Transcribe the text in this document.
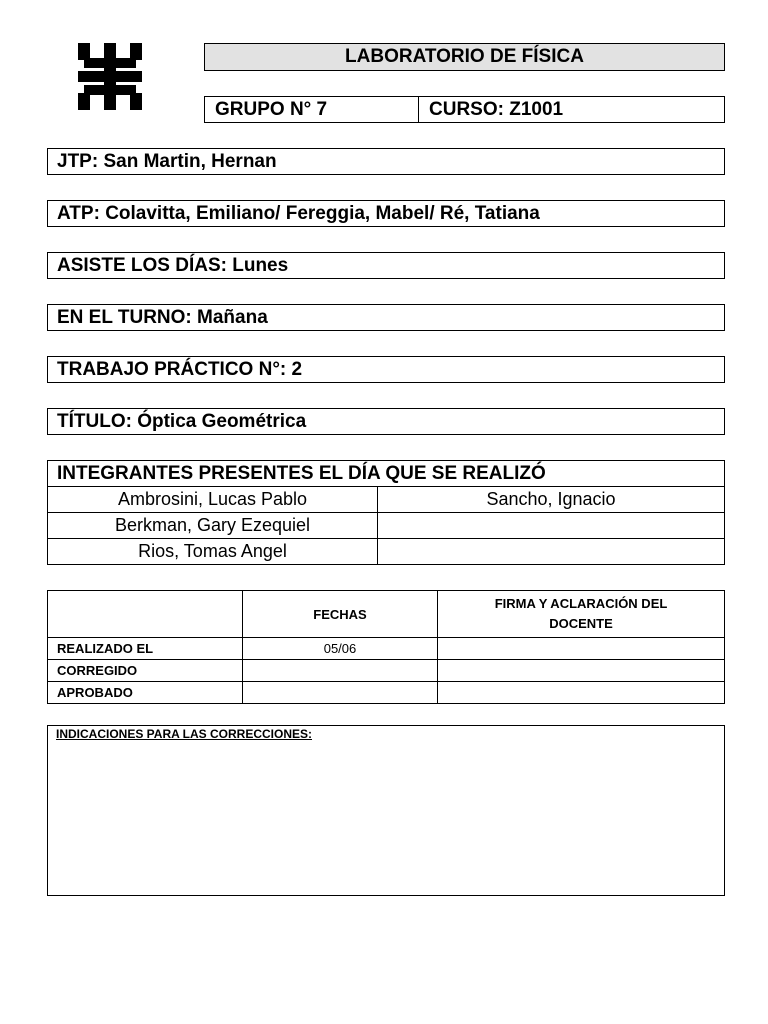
LABORATORIO DE FÍSICA
GRUPO N° 7	CURSO: Z1001
JTP: San Martin, Hernan
ATP: Colavitta, Emiliano/ Fereggia, Mabel/ Ré, Tatiana
ASISTE LOS DÍAS: Lunes
EN EL TURNO: Mañana
TRABAJO PRÁCTICO N°: 2
TÍTULO: Óptica Geométrica
INTEGRANTES PRESENTES EL DÍA QUE SE REALIZÓ	
Ambrosini, Lucas Pablo	Sancho, Ignacio
Berkman, Gary Ezequiel	
Rios, Tomas Angel	
	FECHAS	FIRMA Y ACLARACIÓN DEL
DOCENTE

REALIZADO EL	05/06	
CORREGIDO		
APROBADO		
INDICACIONES PARA LAS CORRECCIONES:
